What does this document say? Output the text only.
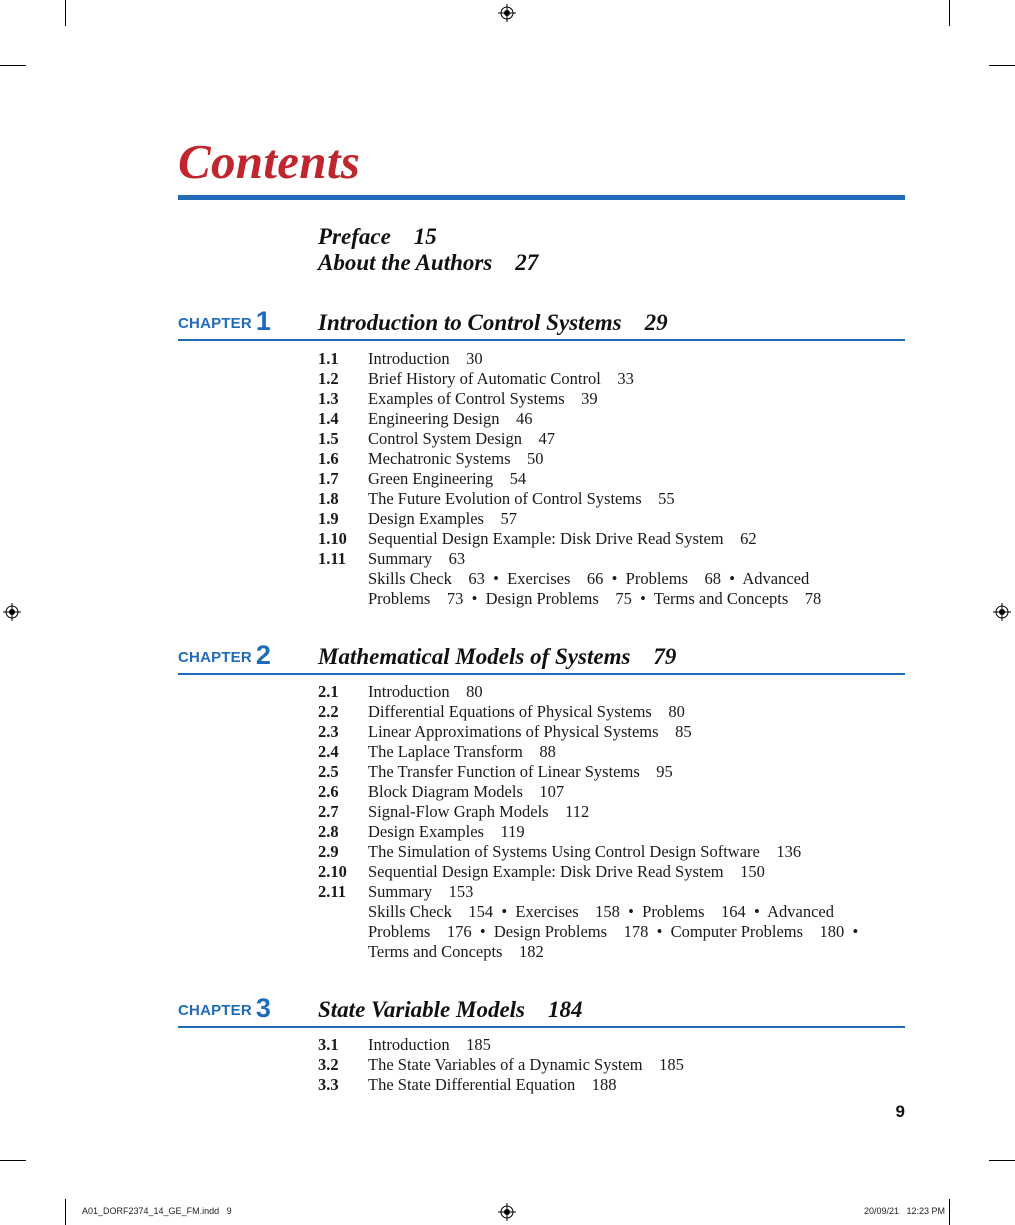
Contents
Preface 15
About the Authors 27
CHAPTER 1 Introduction to Control Systems 29
1.1 Introduction 30
1.2 Brief History of Automatic Control 33
1.3 Examples of Control Systems 39
1.4 Engineering Design 46
1.5 Control System Design 47
1.6 Mechatronic Systems 50
1.7 Green Engineering 54
1.8 The Future Evolution of Control Systems 55
1.9 Design Examples 57
1.10 Sequential Design Example: Disk Drive Read System 62
1.11 Summary 63
Skills Check    63  •  Exercises    66  •  Problems    68  •  Advanced
Problems    73  •  Design Problems    75  •  Terms and Concepts    78
CHAPTER 2 Mathematical Models of Systems 79
2.1 Introduction 80
2.2 Differential Equations of Physical Systems 80
2.3 Linear Approximations of Physical Systems 85
2.4 The Laplace Transform 88
2.5 The Transfer Function of Linear Systems 95
2.6 Block Diagram Models 107
2.7 Signal-Flow Graph Models 112
2.8 Design Examples 119
2.9 The Simulation of Systems Using Control Design Software 136
2.10 Sequential Design Example: Disk Drive Read System 150
2.11 Summary 153
Skills Check    154  •  Exercises    158  •  Problems    164  •  Advanced
Problems    176  •  Design Problems    178  •  Computer Problems    180  •
Terms and Concepts    182
CHAPTER 3 State Variable Models 184
3.1 Introduction 185
3.2 The State Variables of a Dynamic System 185
3.3 The State Differential Equation 188
9
A01_DORF2374_14_GE_FM.indd   9	20/09/21   12:23 PM
